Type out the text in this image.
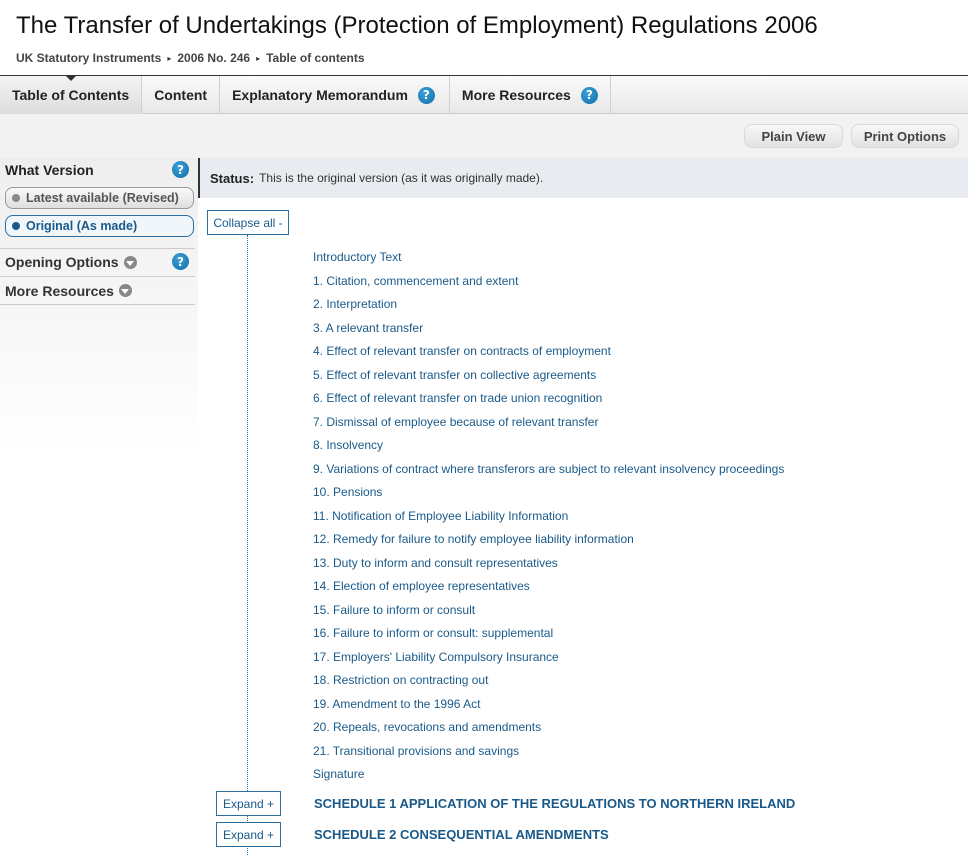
The Transfer of Undertakings (Protection of Employment) Regulations 2006
UK Statutory Instruments ▸ 2006 No. 246 ▸ Table of contents
Table of Contents Content Explanatory Memorandum	?	More Resources	?
Plain View	Print Options
What Version	?
Latest available (Revised)
Original (As made)
Opening Options	?
More Resources
Status: This is the original version (as it was originally made).
Collapse all -
Introductory Text
1. Citation, commencement and extent
2. Interpretation
3. A relevant transfer
4. Effect of relevant transfer on contracts of employment
5. Effect of relevant transfer on collective agreements
6. Effect of relevant transfer on trade union recognition
7. Dismissal of employee because of relevant transfer
8. Insolvency
9. Variations of contract where transferors are subject to relevant insolvency proceedings
10. Pensions
11. Notification of Employee Liability Information
12. Remedy for failure to notify employee liability information
13. Duty to inform and consult representatives
14. Election of employee representatives
15. Failure to inform or consult
16. Failure to inform or consult: supplemental
17. Employers' Liability Compulsory Insurance
18. Restriction on contracting out
19. Amendment to the 1996 Act
20. Repeals, revocations and amendments
21. Transitional provisions and savings
Signature
Expand +	SCHEDULE 1 APPLICATION OF THE REGULATIONS TO NORTHERN IRELAND
Expand +	SCHEDULE 2 CONSEQUENTIAL AMENDMENTS
